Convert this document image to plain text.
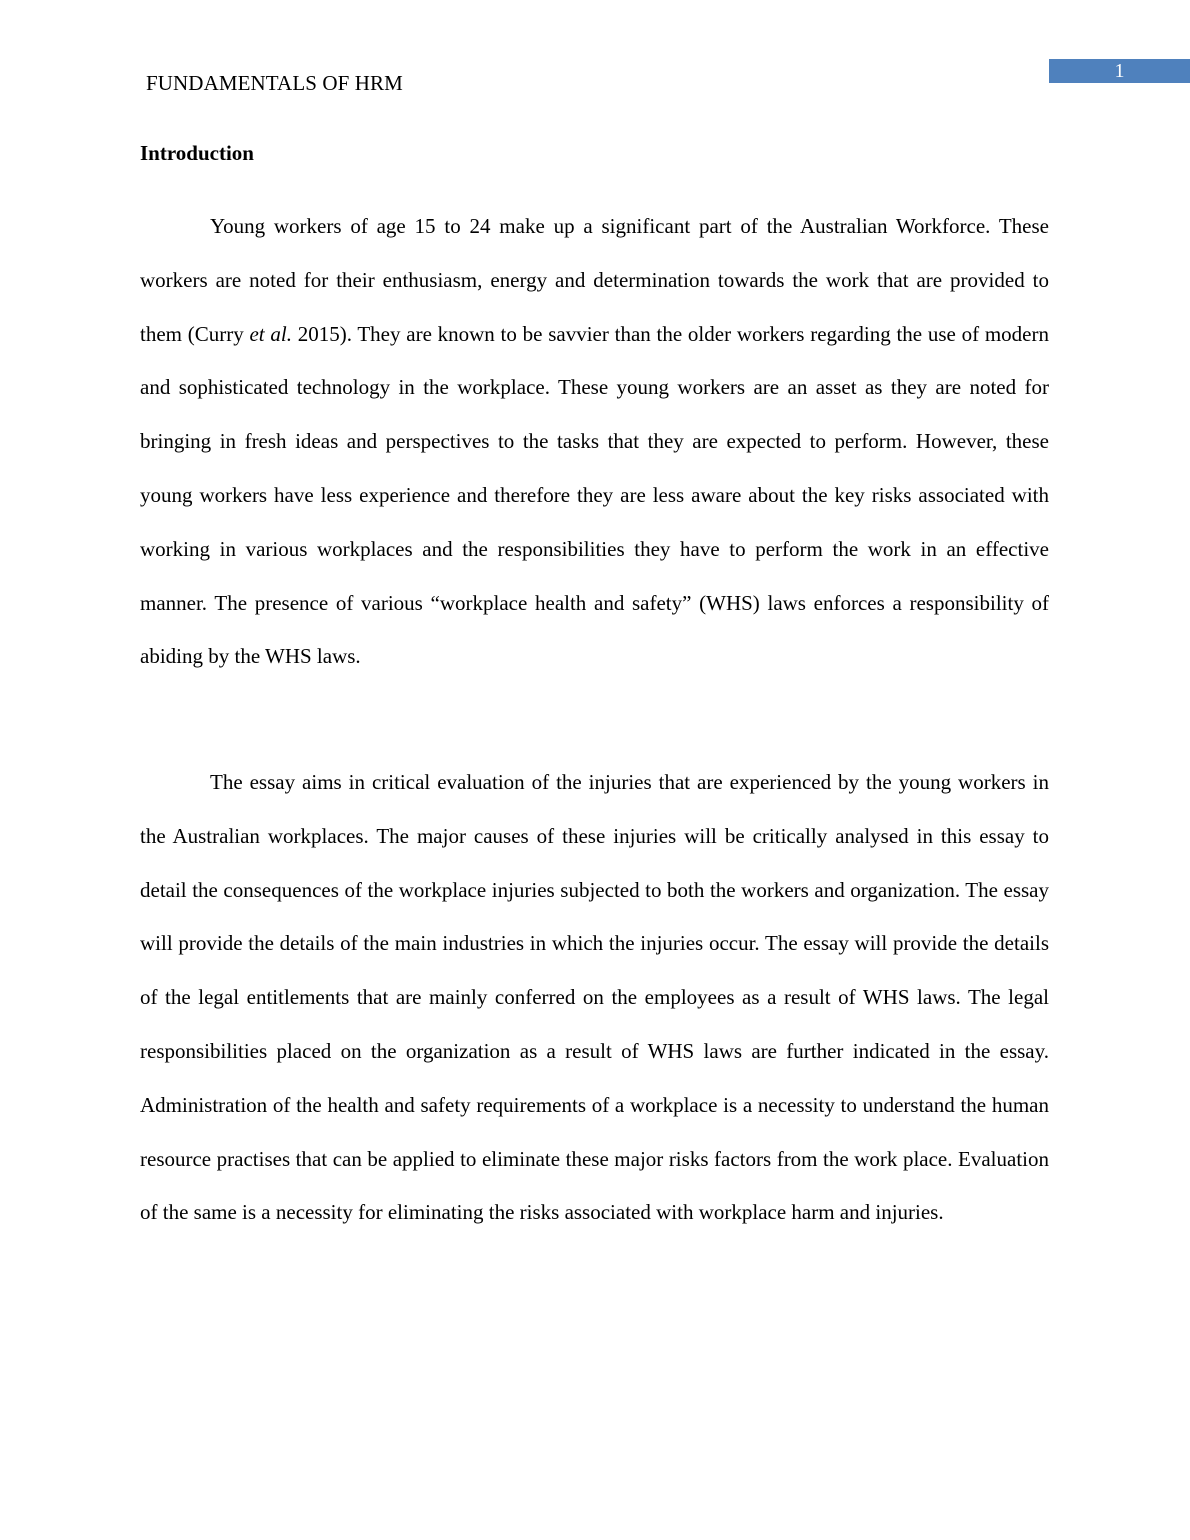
1
FUNDAMENTALS OF HRM
Introduction

Young workers of age 15 to 24 make up a significant part of the Australian Workforce. These workers are noted for their enthusiasm, energy and determination towards the work that are provided to them (Curry et al. 2015). They are known to be savvier than the older workers regarding the use of modern and sophisticated technology in the workplace. These young workers are an asset as they are noted for bringing in fresh ideas and perspectives to the tasks that they are expected to perform. However, these young workers have less experience and therefore they are less aware about the key risks associated with working in various workplaces and the responsibilities they have to perform the work in an effective manner. The presence of various “workplace health and safety” (WHS) laws enforces a responsibility of abiding by the WHS laws.

The essay aims in critical evaluation of the injuries that are experienced by the young workers in the Australian workplaces. The major causes of these injuries will be critically analysed in this essay to detail the consequences of the workplace injuries subjected to both the workers and organization. The essay will provide the details of the main industries in which the injuries occur. The essay will provide the details of the legal entitlements that are mainly conferred on the employees as a result of WHS laws. The legal responsibilities placed on the organization as a result of WHS laws are further indicated in the essay. Administration of the health and safety requirements of a workplace is a necessity to understand the human resource practises that can be applied to eliminate these major risks factors from the work place. Evaluation of the same is a necessity for eliminating the risks associated with workplace harm and injuries.
